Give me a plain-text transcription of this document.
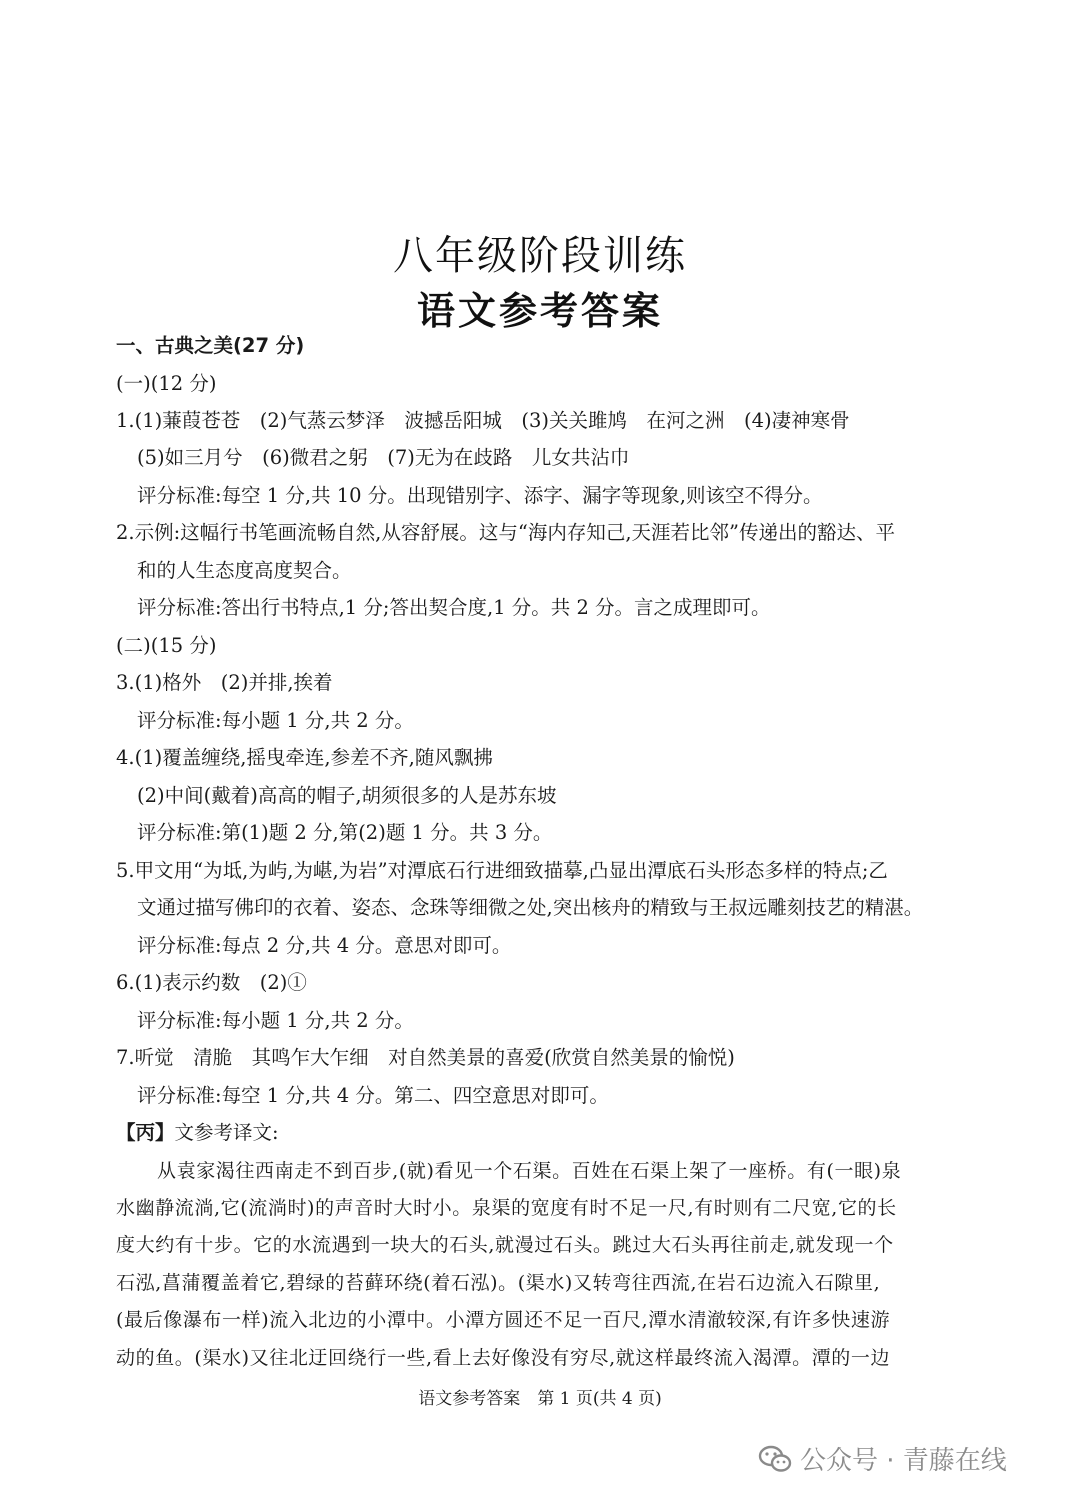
八年级阶段训练
语文参考答案
一、古典之美(27 分)
(一)(12 分)
1.(1)蒹葭苍苍　(2)气蒸云梦泽　波撼岳阳城　(3)关关雎鸠　在河之洲　(4)凄神寒骨
(5)如三月兮　(6)微君之躬　(7)无为在歧路　儿女共沾巾
评分标准:每空 1 分,共 10 分。出现错别字、添字、漏字等现象,则该空不得分。
2.示例:这幅行书笔画流畅自然,从容舒展。这与“海内存知己,天涯若比邻”传递出的豁达、平
和的人生态度高度契合。
评分标准:答出行书特点,1 分;答出契合度,1 分。共 2 分。言之成理即可。
(二)(15 分)
3.(1)格外　(2)并排,挨着
评分标准:每小题 1 分,共 2 分。
4.(1)覆盖缠绕,摇曳牵连,参差不齐,随风飘拂
(2)中间(戴着)高高的帽子,胡须很多的人是苏东坡
评分标准:第(1)题 2 分,第(2)题 1 分。共 3 分。
5.甲文用“为坻,为屿,为嵁,为岩”对潭底石行进细致描摹,凸显出潭底石头形态多样的特点;乙
文通过描写佛印的衣着、姿态、念珠等细微之处,突出核舟的精致与王叔远雕刻技艺的精湛。
评分标准:每点 2 分,共 4 分。意思对即可。
6.(1)表示约数　(2)①
评分标准:每小题 1 分,共 2 分。
7.听觉　清脆　其鸣乍大乍细　对自然美景的喜爱(欣赏自然美景的愉悦)
评分标准:每空 1 分,共 4 分。第二、四空意思对即可。
【丙】文参考译文:
从袁家渴往西南走不到百步,(就)看见一个石渠。百姓在石渠上架了一座桥。有(一眼)泉
水幽静流淌,它(流淌时)的声音时大时小。泉渠的宽度有时不足一尺,有时则有二尺宽,它的长
度大约有十步。它的水流遇到一块大的石头,就漫过石头。跳过大石头再往前走,就发现一个
石泓,菖蒲覆盖着它,碧绿的苔藓环绕(着石泓)。(渠水)又转弯往西流,在岩石边流入石隙里,
(最后像瀑布一样)流入北边的小潭中。小潭方圆还不足一百尺,潭水清澈较深,有许多快速游
动的鱼。(渠水)又往北迂回绕行一些,看上去好像没有穷尽,就这样最终流入渴潭。潭的一边
语文参考答案　第 1 页(共 4 页)
公众号 · 青藤在线
